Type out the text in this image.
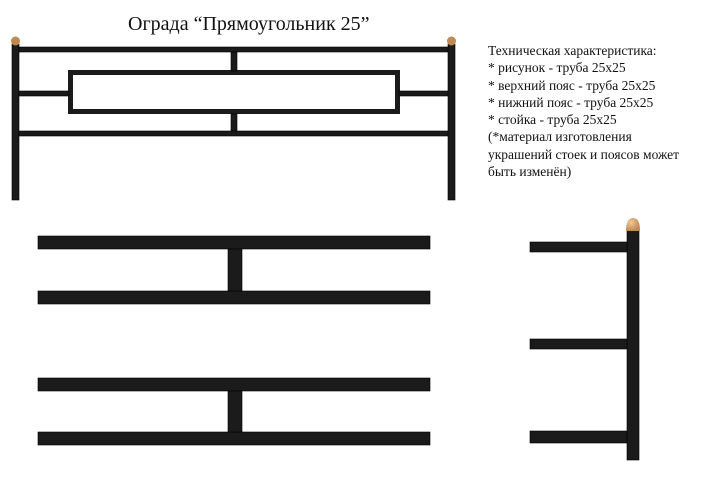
Ограда “Прямоугольник 25”
Техническая характеристика:
* рисунок - труба 25х25
* верхний пояс - труба 25х25
* нижний пояс - труба 25х25
* стойка - труба 25х25
(*материал изготовления
украшений стоек и поясов может
быть изменён)
